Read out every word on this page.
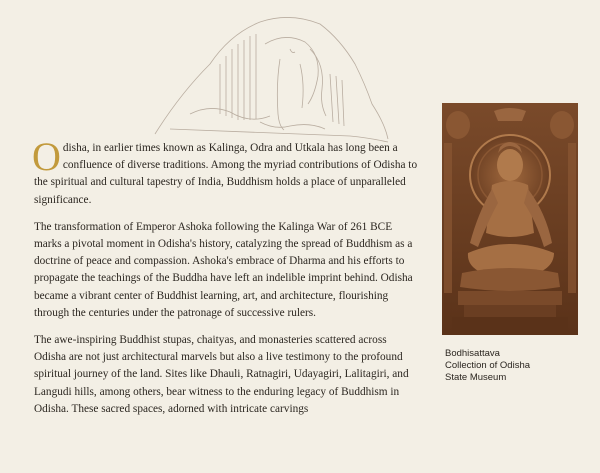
Odisha, in earlier times known as Kalinga, Odra and Utkala has long been a confluence of diverse traditions. Among the myriad contributions of Odisha to the spiritual and cultural tapestry of India, Buddhism holds a place of unparalleled significance.

The transformation of Emperor Ashoka following the Kalinga War of 261 BCE marks a pivotal moment in Odisha's history, catalyzing the spread of Buddhism as a doctrine of peace and compassion. Ashoka's embrace of Dharma and his efforts to propagate the teachings of the Buddha have left an indelible imprint behind. Odisha became a vibrant center of Buddhist learning, art, and architecture, flourishing through the centuries under the patronage of successive rulers.

The awe-inspiring Buddhist stupas, chaityas, and monasteries scattered across Odisha are not just architectural marvels but also a live testimony to the profound spiritual journey of the land. Sites like Dhauli, Ratnagiri, Udayagiri, Lalitagiri, and Langudi hills, among others, bear witness to the enduring legacy of Buddhism in Odisha. These sacred spaces, adorned with intricate carvings

Bodhisattava
Collection of Odisha
State Museum
